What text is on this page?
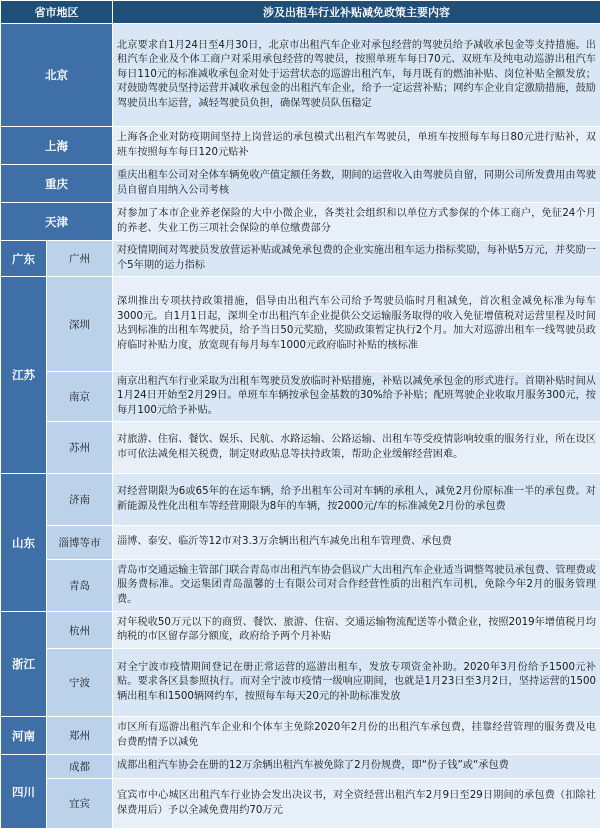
省市地区		涉及出租车行业补贴减免政策主要内容
北京		北京要求自1月24日至4月30日，北京市出租汽车企业对承包经营的驾驶员给予减收承包金等支持措施。出租汽车企业及个体工商户对采用承包经营的驾驶员，按照单班车每日70元、双班车及纯电动巡游出租汽车每日110元的标准减收承包金对处于运营状态的巡游出租汽车，每月既有的燃油补贴、岗位补贴全额发放；对鼓励驾驶员坚持运营并减收承包金的出租汽车企业，给予一定运营补贴；网约车企业自定激励措施，鼓励驾驶员出车运营，减轻驾驶员负担，确保驾驶员队伍稳定
上海		上海各企业对防疫期间坚持上岗营运的承包模式出租汽车驾驶员，单班车按照每车每日80元进行贴补，双班车按照每车每日120元贴补
重庆		重庆出租车公司对全体车辆免收产值定额任务数，期间的运营收入由驾驶员自留，同期公司所发费用由驾驶员自留自用纳入公司考核
天津		对参加了本市企业养老保险的大中小微企业，各类社会组织和以单位方式参保的个体工商户，免征24个月的养老、失业工伤三项社会保险的单位缴费部分
广东	广州	对疫情期间对驾驶员发放营运补贴或减免承包费的企业实施出租车运力指标奖励，每补贴5万元，并奖励一个5年期的运力指标
江苏	深圳	深圳推出专项扶持政策措施，倡导由出租汽车公司给予驾驶员临时月租减免，首次租金减免标准为每车3000元。自1月1日起，深圳全市出租汽车企业提供公交运输服务取得的收入免征增值税对运营里程及时间达到标准的出租车驾驶员，给予当日50元奖励，奖励政策暂定执行2个月。加大对巡游出租车一线驾驶员政府临时补贴力度，放宽现有每月每车1000元政府临时补贴的核标准
	南京	南京出租汽车行业采取为出租车驾驶员发放临时补贴措施，补贴以减免承包金的形式进行。首期补贴时间从1月24日开始至2月29日。单班车车辆按承包金基数的30%给予补贴；配班驾驶企业收取月服务300元，按每月100元给予补贴。
	苏州	对旅游、住宿、餐饮、娱乐、民航、水路运输、公路运输、出租车等受疫情影响较重的服务行业，所在设区市可依法减免相关税费，制定财政贴息等扶持政策，帮助企业缓解经营困难。
山东	济南	对经营期限为6或65年的在运车辆，给予出租车公司对车辆的承租人，减免2月份原标准一半的承包费。对新能源及性化出租车等经营期限为8年的车辆，按2000元/车的标准减免2月份的承包费
	淄博等市	淄博、泰安、临沂等12市对3.3万余辆出租汽车减免出租车管理费、承包费
	青岛	青岛市交通运输主管部门联合青岛市出租汽车协会倡议广大出租汽车企业适当调整驾驶员承包费、管理费或服务费标准。交运集团青岛温馨的士有限公司对合作经营性质的出租汽车司机，免除今年2月的服务管理费。
浙江	杭州	对年税收50万元以下的商贸、餐饮、旅游、住宿、交通运输物流配送等小微企业，按照2019年增值税月均纳税的市区留存部分额度，政府给予两个月补贴
	宁波	对全宁波市疫情期间登记在册正常运营的巡游出租车，发放专项资金补助。2020年3月份给予1500元补贴。要求各区县参照执行。而对全宁波市疫情一级响应期间，也就是1月23日至3月2日，坚持运营的1500辆出租车和1500辆网约车，按照每车每天20元的补助标准发放
河南	郑州	市区所有巡游出租汽车企业和个体车主免除2020年2月份的出租汽车承包费，挂靠经营管理的服务费及电台费酌情予以减免
四川	成都	成都出租汽车协会在册的12万余辆出租汽车被免除了2月份规费，即“份子钱”或“承包费
	宜宾	宜宾市中心城区出租汽车行业协会发出决议书，对全资经营出租汽车2月9日至29日期间的承包费（扣除社保费用后）予以全减免费用约70万元
